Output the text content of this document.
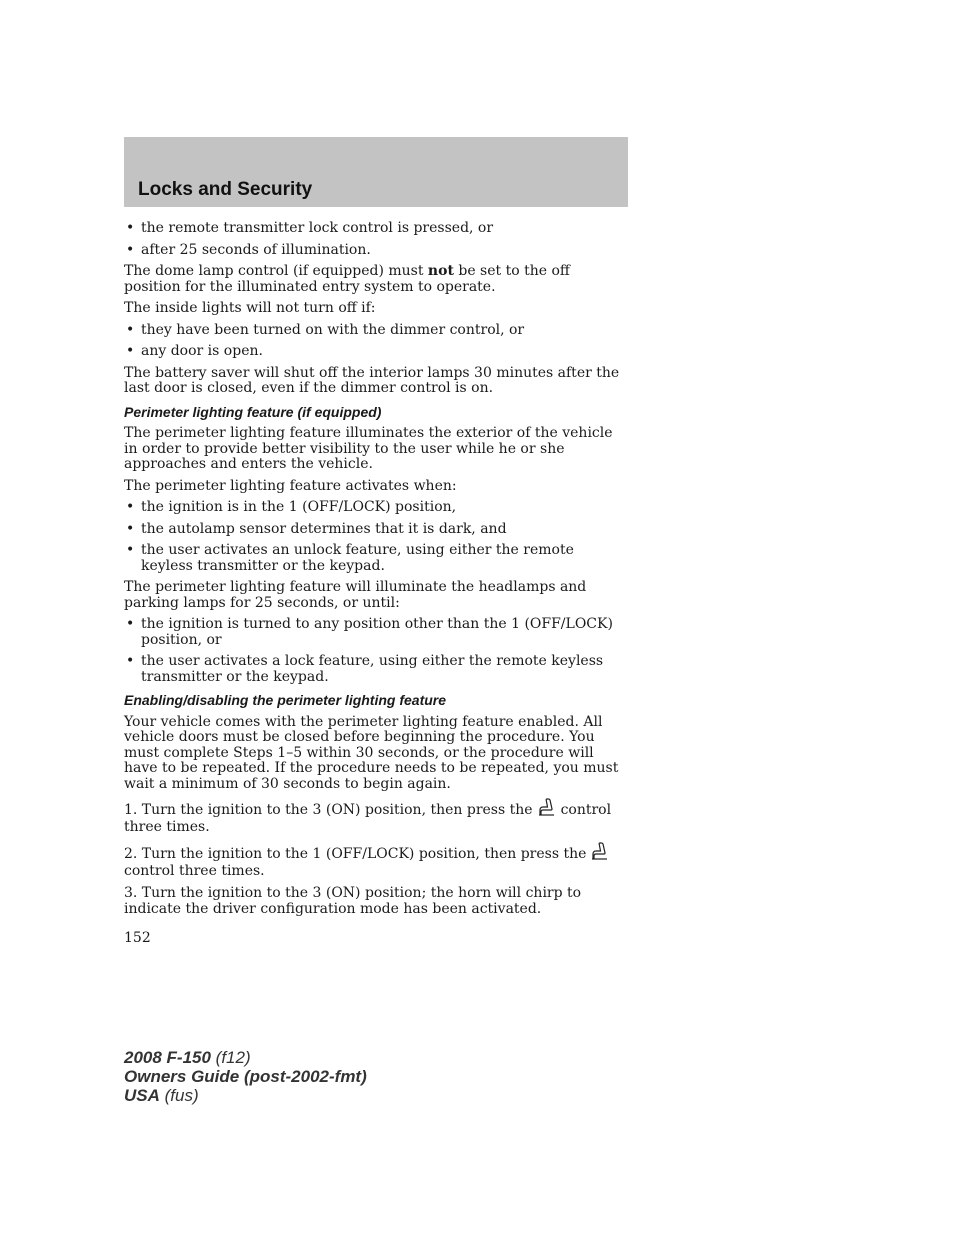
Locks and Security
• the remote transmitter lock control is pressed, or
• after 25 seconds of illumination.

The dome lamp control (if equipped) must not be set to the off position for the illuminated entry system to operate.

The inside lights will not turn off if:

• they have been turned on with the dimmer control, or
• any door is open.

The battery saver will shut off the interior lamps 30 minutes after the last door is closed, even if the dimmer control is on.

Perimeter lighting feature (if equipped)

The perimeter lighting feature illuminates the exterior of the vehicle in order to provide better visibility to the user while he or she approaches and enters the vehicle.

The perimeter lighting feature activates when:

• the ignition is in the 1 (OFF/LOCK) position,
• the autolamp sensor determines that it is dark, and
• the user activates an unlock feature, using either the remote keyless transmitter or the keypad.

The perimeter lighting feature will illuminate the headlamps and parking lamps for 25 seconds, or until:

• the ignition is turned to any position other than the 1 (OFF/LOCK) position, or
• the user activates a lock feature, using either the remote keyless transmitter or the keypad.
Enabling/disabling the perimeter lighting feature

Your vehicle comes with the perimeter lighting feature enabled. All vehicle doors must be closed before beginning the procedure. You must complete Steps 1–5 within 30 seconds, or the procedure will have to be repeated. If the procedure needs to be repeated, you must wait a minimum of 30 seconds to begin again.

1. Turn the ignition to the 3 (ON) position, then press the control three times.

2. Turn the ignition to the 1 (OFF/LOCK) position, then press thecontrol three times.

3. Turn the ignition to the 3 (ON) position; the horn will chirp to indicate the driver configuration mode has been activated.

152
2008 F-150 (f12)
Owners Guide (post-2002-fmt)
USA (fus)
